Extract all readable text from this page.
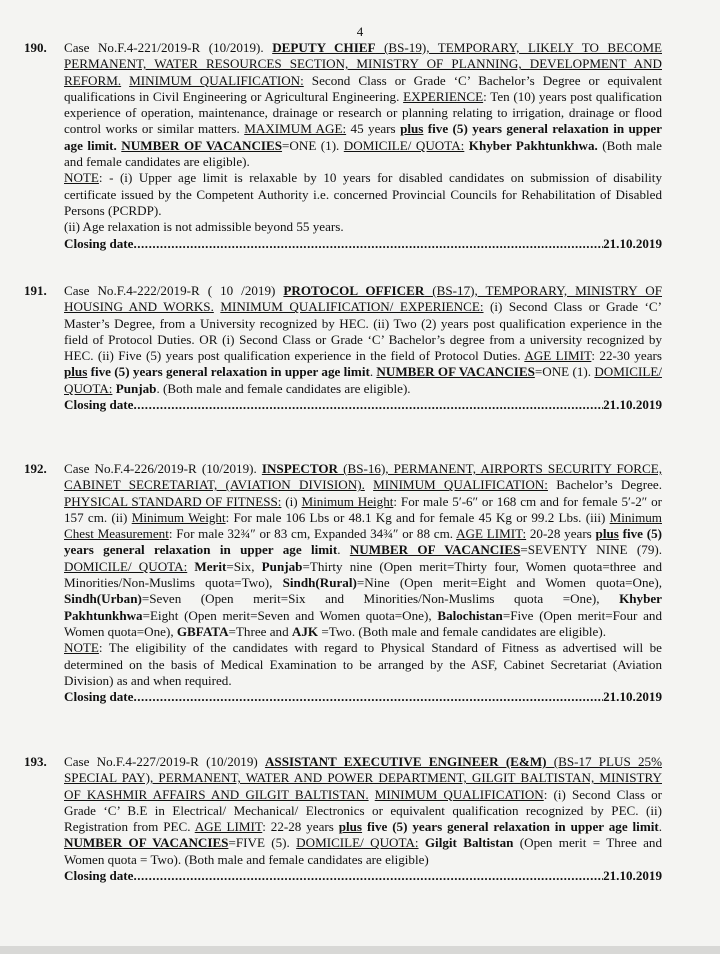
4
190. Case No.F.4-221/2019-R (10/2019). DEPUTY CHIEF (BS-19), TEMPORARY, LIKELY TO BECOME PERMANENT, WATER RESOURCES SECTION, MINISTRY OF PLANNING, DEVELOPMENT AND REFORM. MINIMUM QUALIFICATION: Second Class or Grade ‘C’ Bachelor’s Degree or equivalent qualifications in Civil Engineering or Agricultural Engineering. EXPERIENCE: Ten (10) years post qualification experience of operation, maintenance, drainage or research or planning relating to irrigation, drainage or flood control works or similar matters. MAXIMUM AGE: 45 years plus five (5) years general relaxation in upper age limit. NUMBER OF VACANCIES=ONE (1). DOMICILE/ QUOTA: Khyber Pakhtunkhwa. (Both male and female candidates are eligible).

NOTE: - (i) Upper age limit is relaxable by 10 years for disabled candidates on submission of disability certificate issued by the Competent Authority i.e. concerned Provincial Councils for Rehabilitation of Disabled Persons (PCRDP).

(ii) Age relaxation is not admissible beyond 55 years.

Closing date .....	21.10.2019
191. Case No.F.4-222/2019-R ( 10 /2019) PROTOCOL OFFICER (BS-17), TEMPORARY, MINISTRY OF HOUSING AND WORKS. MINIMUM QUALIFICATION/ EXPERIENCE: (i) Second Class or Grade ‘C’ Master’s Degree, from a University recognized by HEC. (ii) Two (2) years post qualification experience in the field of Protocol Duties. OR (i) Second Class or Grade ‘C’ Bachelor’s degree from a university recognized by HEC. (ii) Five (5) years post qualification experience in the field of Protocol Duties. AGE LIMIT: 22-30 years plus five (5) years general relaxation in upper age limit. NUMBER OF VACANCIES=ONE (1). DOMICILE/ QUOTA: Punjab. (Both male and female candidates are eligible).

Closing date .....	21.10.2019
192. Case No.F.4-226/2019-R (10/2019). INSPECTOR (BS-16), PERMANENT, AIRPORTS SECURITY FORCE, CABINET SECRETARIAT, (AVIATION DIVISION). MINIMUM QUALIFICATION: Bachelor’s Degree. PHYSICAL STANDARD OF FITNESS: (i) Minimum Height: For male 5′-6″ or 168 cm and for female 5′-2″ or 157 cm. (ii) Minimum Weight: For male 106 Lbs or 48.1 Kg and for female 45 Kg or 99.2 Lbs. (iii) Minimum Chest Measurement: For male 32¾″ or 83 cm, Expanded 34¾″ or 88 cm. AGE LIMIT: 20-28 years plus five (5) years general relaxation in upper age limit. NUMBER OF VACANCIES=SEVENTY NINE (79). DOMICILE/ QUOTA: Merit=Six, Punjab=Thirty nine (Open merit=Thirty four, Women quota=three and Minorities/Non-Muslims quota=Two), Sindh(Rural)=Nine (Open merit=Eight and Women quota=One), Sindh(Urban)=Seven (Open merit=Six and Minorities/Non-Muslims quota =One), Khyber Pakhtunkhwa=Eight (Open merit=Seven and Women quota=One), Balochistan=Five (Open merit=Four and Women quota=One), GBFATA=Three and AJK =Two. (Both male and female candidates are eligible).

NOTE: The eligibility of the candidates with regard to Physical Standard of Fitness as advertised will be determined on the basis of Medical Examination to be arranged by the ASF, Cabinet Secretariat (Aviation Division) as and when required.

Closing date .....	21.10.2019
193. Case No.F.4-227/2019-R (10/2019) ASSISTANT EXECUTIVE ENGINEER (E&M) (BS-17 PLUS 25% SPECIAL PAY), PERMANENT, WATER AND POWER DEPARTMENT, GILGIT BALTISTAN, MINISTRY OF KASHMIR AFFAIRS AND GILGIT BALTISTAN. MINIMUM QUALIFICATION: (i) Second Class or Grade ‘C’ B.E in Electrical/ Mechanical/ Electronics or equivalent qualification recognized by PEC. (ii) Registration from PEC. AGE LIMIT: 22-28 years plus five (5) years general relaxation in upper age limit. NUMBER OF VACANCIES=FIVE (5). DOMICILE/ QUOTA: Gilgit Baltistan (Open merit = Three and Women quota = Two). (Both male and female candidates are eligible)

Closing date .....	21.10.2019
